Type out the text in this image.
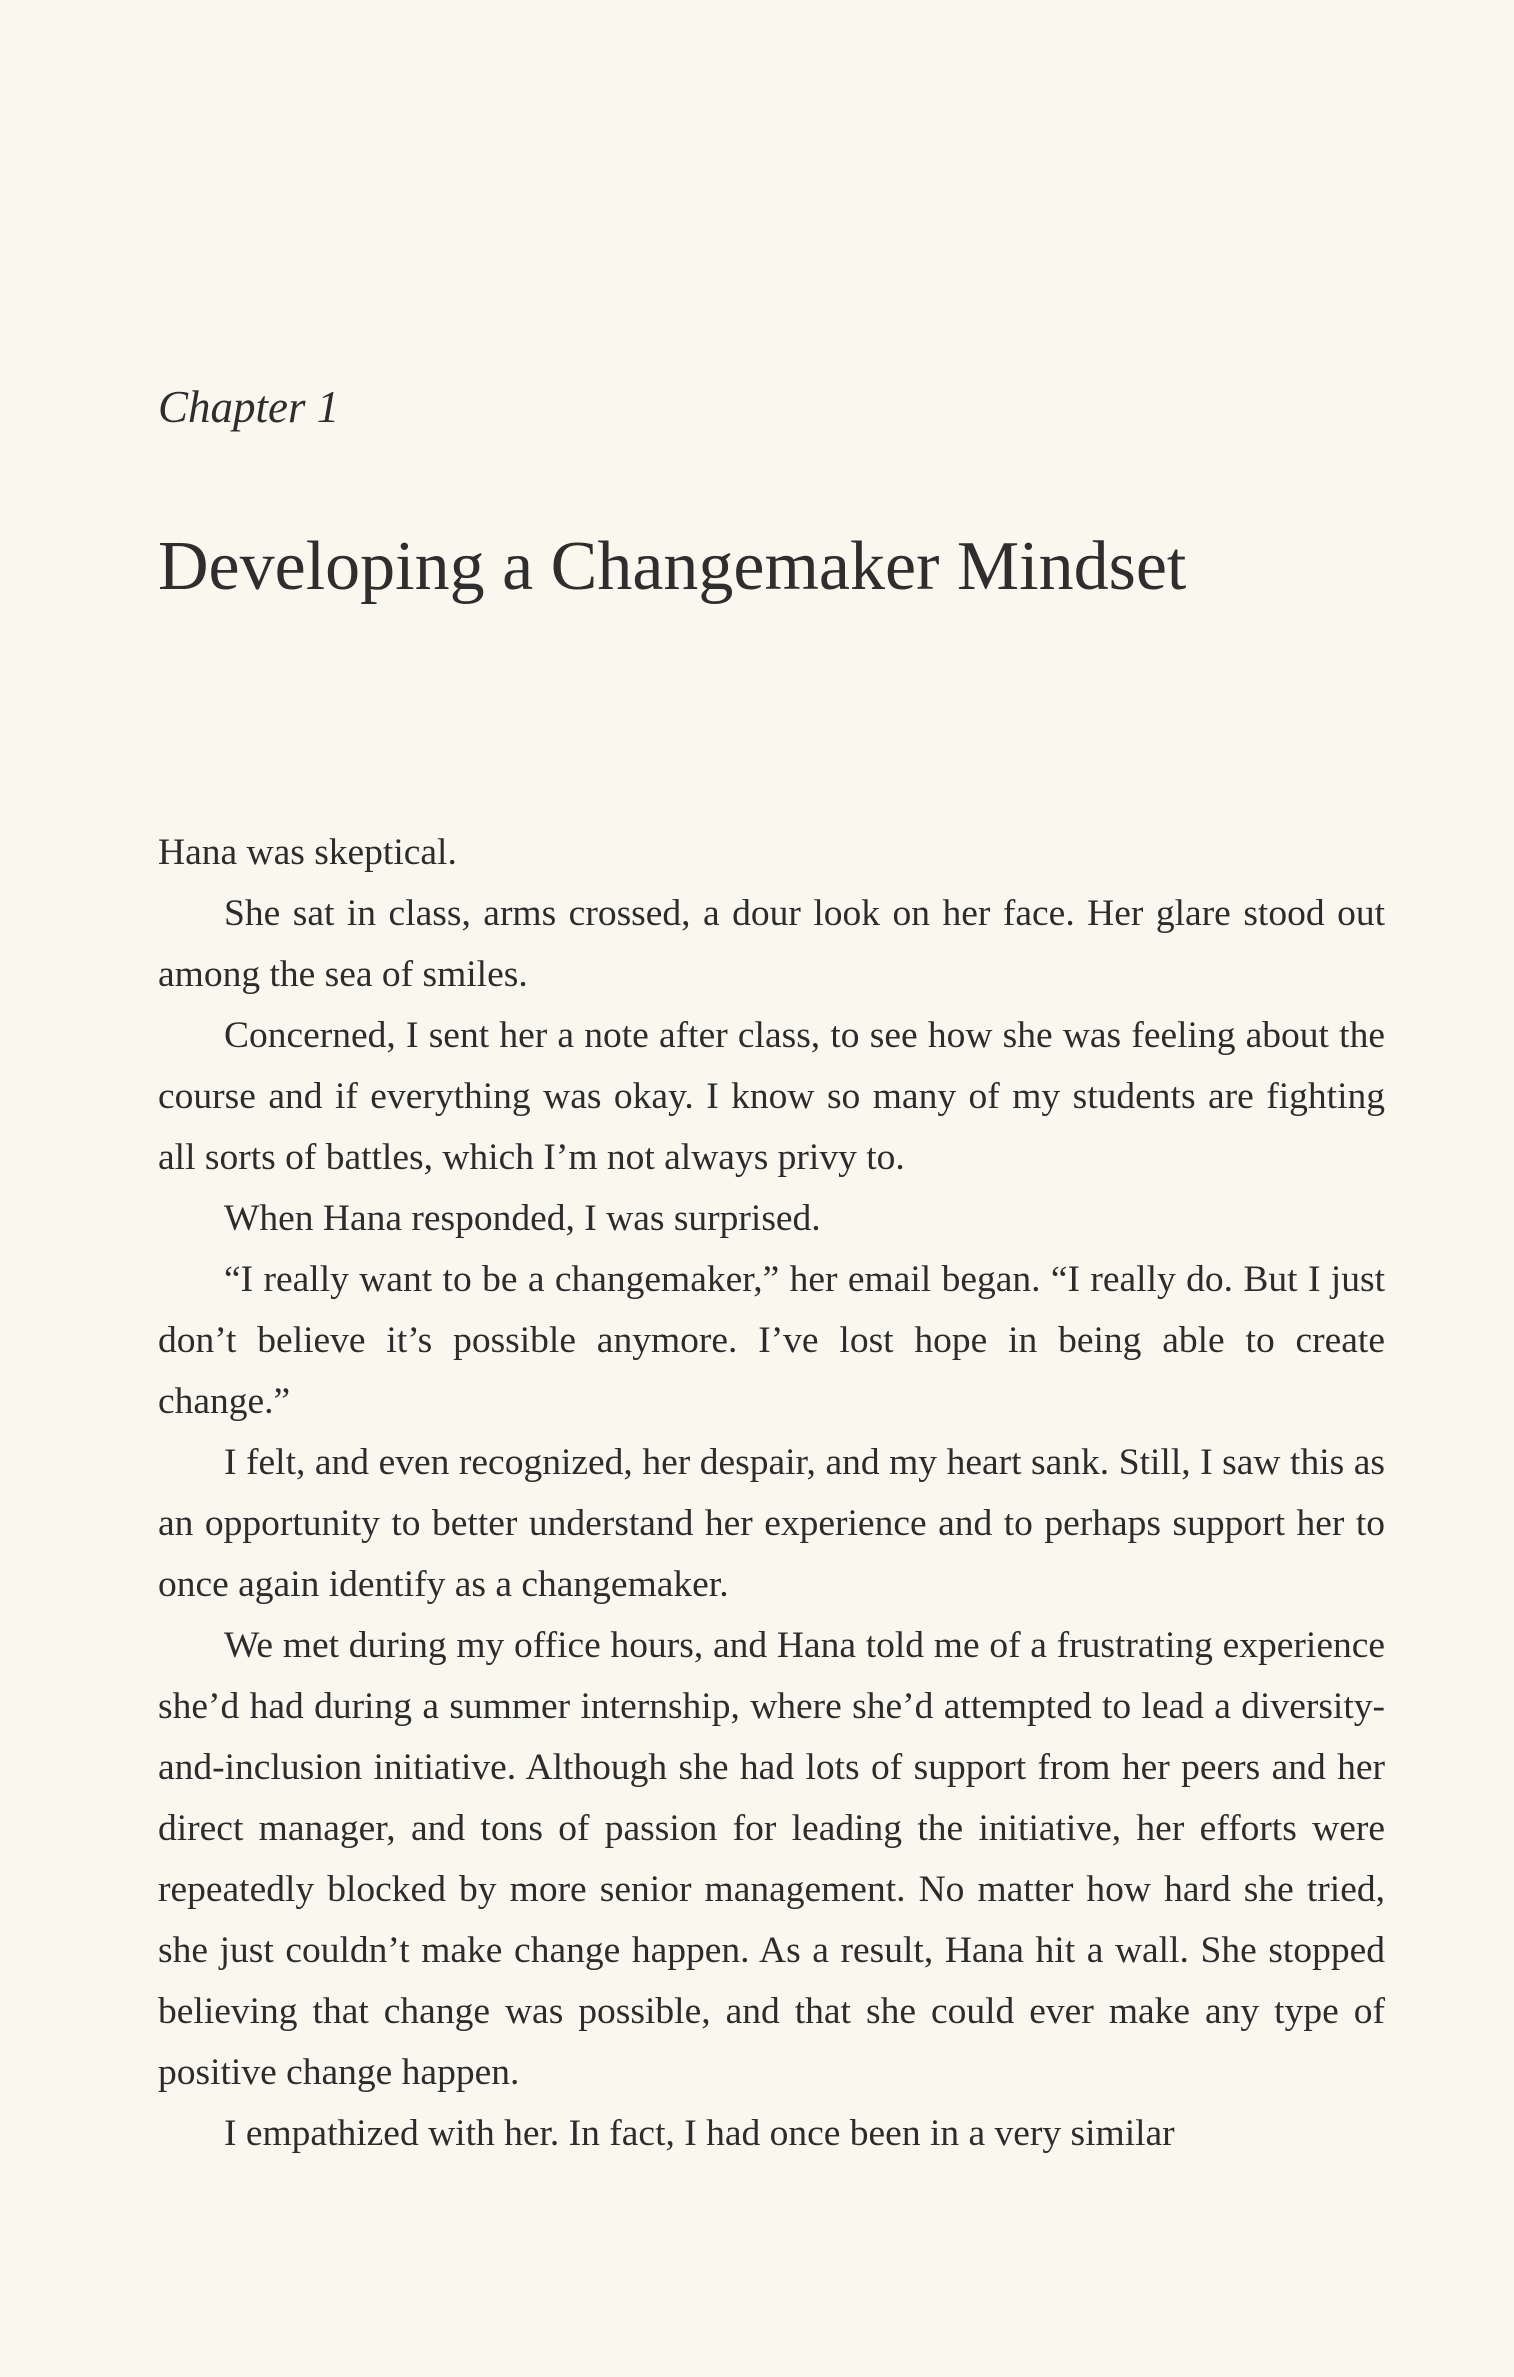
Chapter 1
Developing a Changemaker Mindset

Hana was skeptical.

She sat in class, arms crossed, a dour look on her face. Her glare stood out among the sea of smiles.

Concerned, I sent her a note after class, to see how she was feeling about the course and if everything was okay. I know so many of my students are fighting all sorts of battles, which I’m not always privy to.

When Hana responded, I was surprised.

“I really want to be a changemaker,” her email began. “I really do. But I just don’t believe it’s possible anymore. I’ve lost hope in being able to create change.”

I felt, and even recognized, her despair, and my heart sank. Still, I saw this as an opportunity to better understand her experience and to perhaps support her to once again identify as a changemaker.

We met during my office hours, and Hana told me of a frustrating experience she’d had during a summer internship, where she’d attempted to lead a diversity-and-inclusion initiative. Although she had lots of support from her peers and her direct manager, and tons of passion for leading the initiative, her efforts were repeatedly blocked by more senior management. No matter how hard she tried, she just couldn’t make change happen. As a result, Hana hit a wall. She stopped believing that change was possible, and that she could ever make any type of positive change happen.

I empathized with her. In fact, I had once been in a very similar
